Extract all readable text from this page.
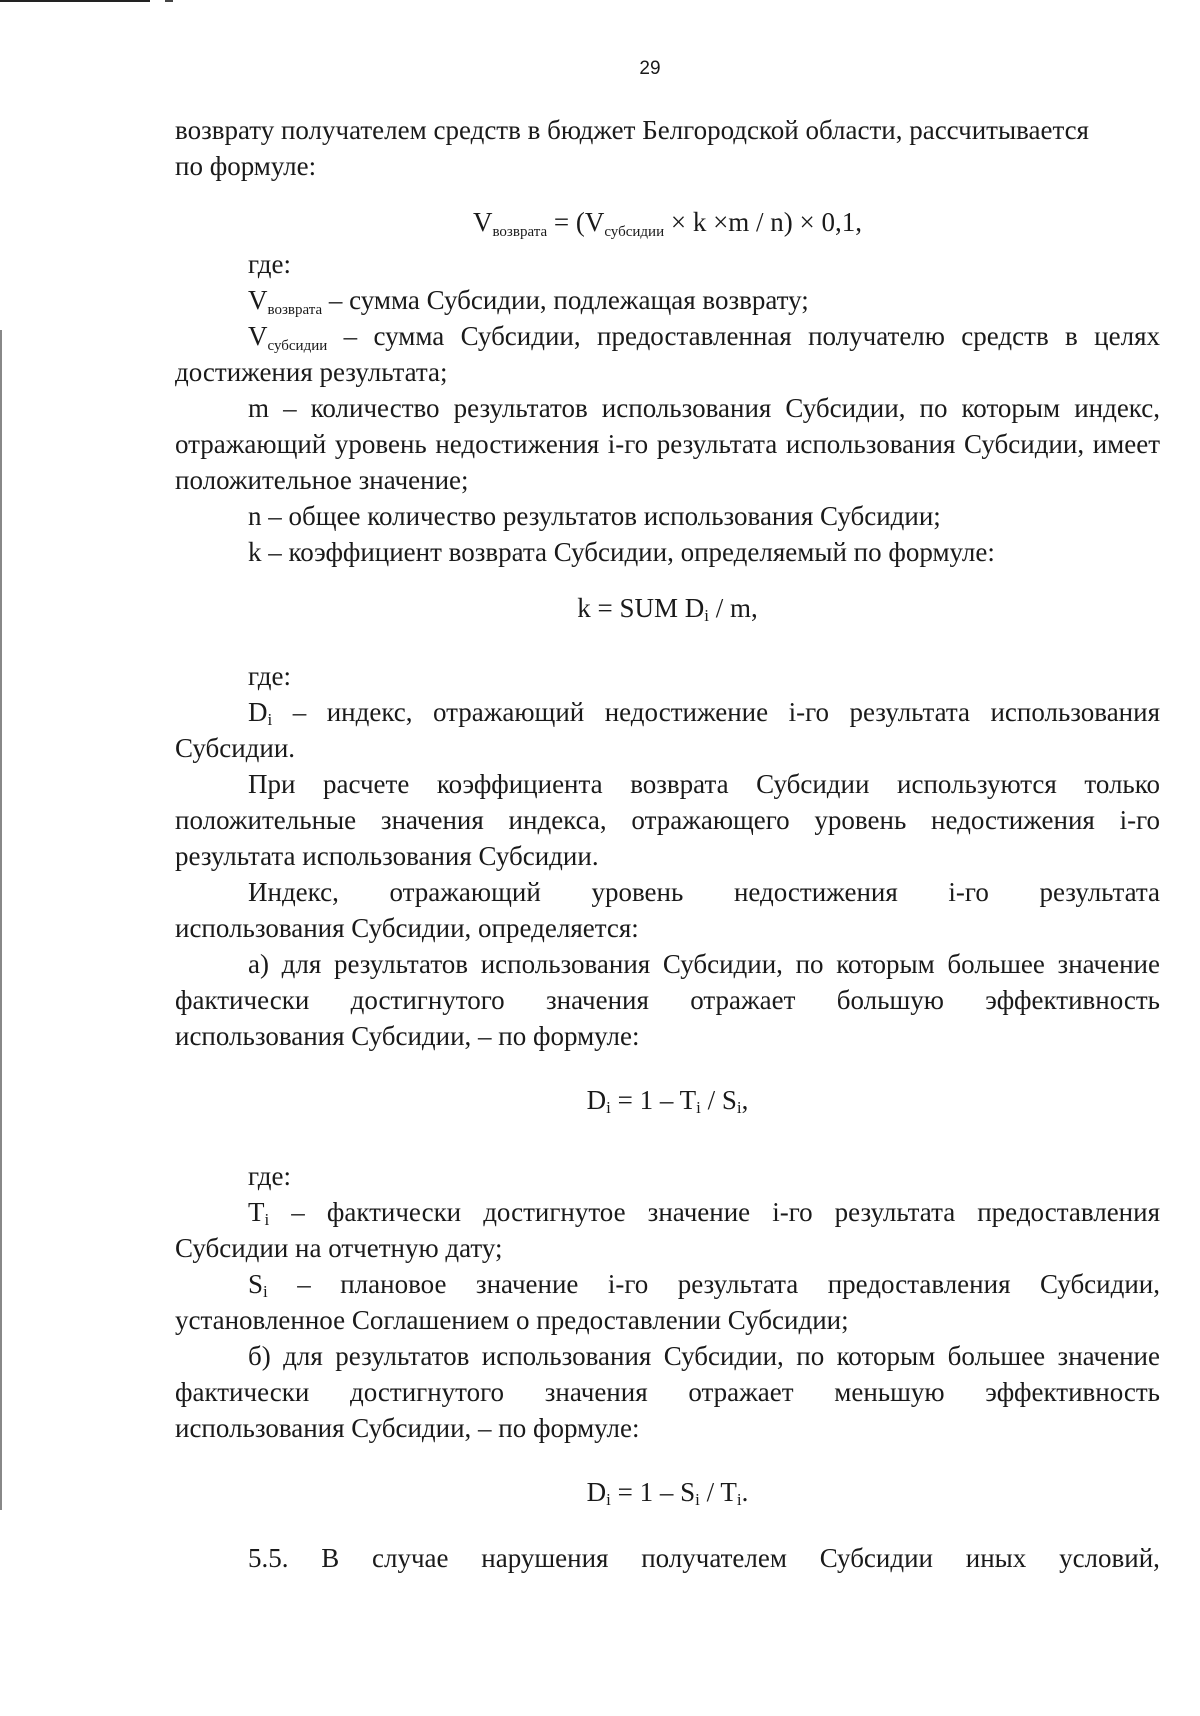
29

возврату получателем средств в бюджет Белгородской области, рассчитывается

по формуле:

$V_{возврата} = (V_{субсидии} \times k \times m / n) \times 0,1$,

где:

$V_{возврата}$ – сумма Субсидии, подлежащая возврату;

$V_{субсидии}$ – сумма Субсидии, предоставленная получателю средств в целях достижения результата;

m – количество результатов использования Субсидии, по которым индекс, отражающий уровень недостижения i-го результата использования Субсидии, имеет положительное значение;

n – общее количество результатов использования Субсидии;

k – коэффициент возврата Субсидии, определяемый по формуле:

k = SUM Di / m,

где:

Di – индекс, отражающий недостижение i-го результата использования Субсидии.

При расчете коэффициента возврата Субсидии используются только положительные значения индекса, отражающего уровень недостижения i-го результата использования Субсидии.

Индекс, отражающий уровень недостижения i-го результата

использования Субсидии, определяется:

а) для результатов использования Субсидии, по которым большее значение фактически достигнутого значения отражает большую эффективность использования Субсидии, – по формуле:

Di = 1 – Ti / Si,

где:

Ti – фактически достигнутое значение i-го результата предоставления Субсидии на отчетную дату;

Si – плановое значение i-го результата предоставления Субсидии, установленное Соглашением о предоставлении Субсидии;

б) для результатов использования Субсидии, по которым большее значение фактически достигнутого значения отражает меньшую эффективность использования Субсидии, – по формуле:

Di = 1 – Si / Ti.

5.5. В случае нарушения получателем Субсидии иных условий,
